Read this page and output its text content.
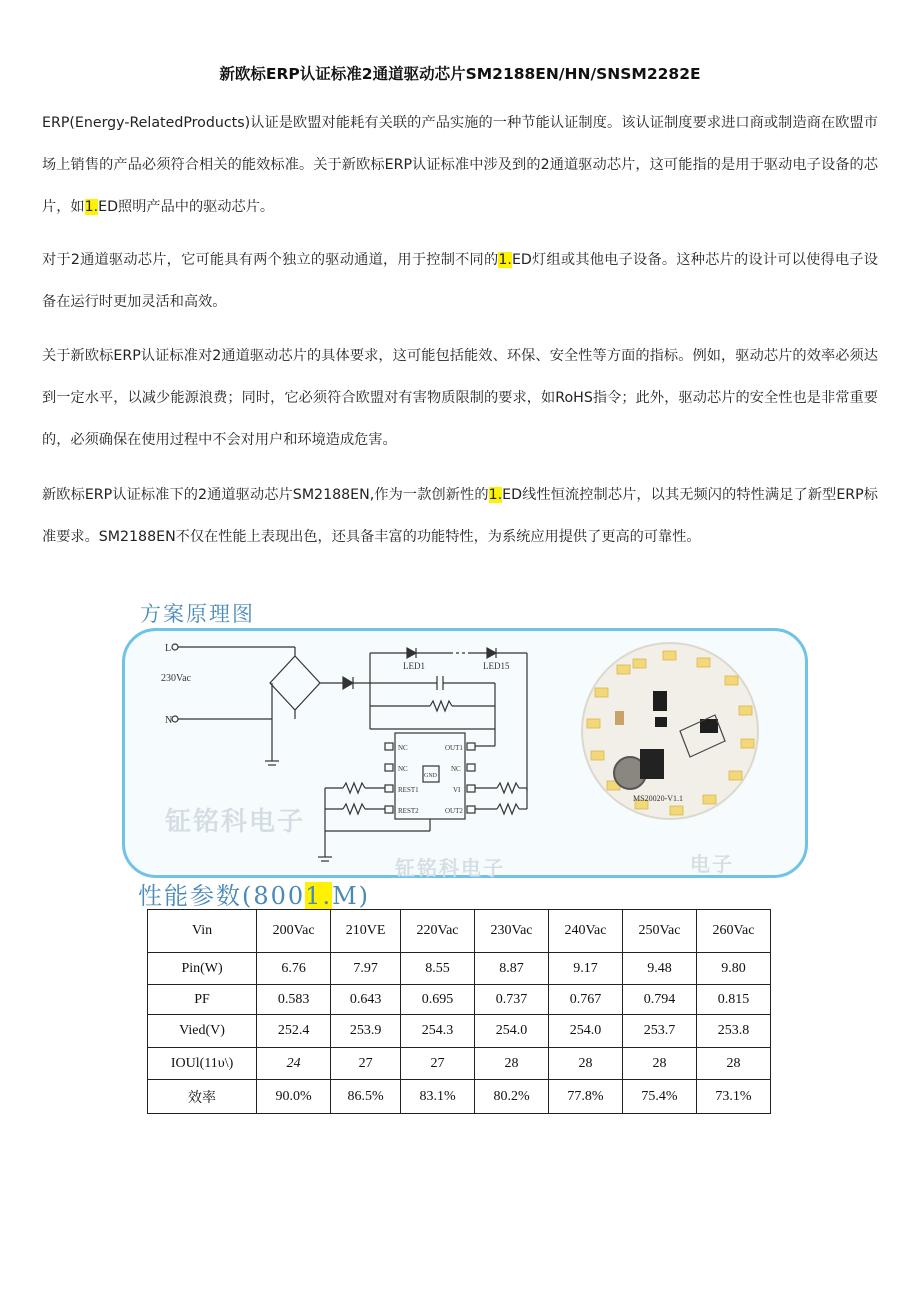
新欧标ERP认证标准2通道驱动芯片SM2188EN/HN/SNSM2282E
ERP(Energy-RelatedProducts)认证是欧盟对能耗有关联的产品实施的一种节能认证制度。该认证制度要求进口商或制造商在欧盟市场上销售的产品必须符合相关的能效标准。关于新欧标ERP认证标准中涉及到的2通道驱动芯片，这可能指的是用于驱动电子设备的芯片，如1.ED照明产品中的驱动芯片。
对于2通道驱动芯片，它可能具有两个独立的驱动通道，用于控制不同的1.ED灯组或其他电子设备。这种芯片的设计可以使得电子设备在运行时更加灵活和高效。
关于新欧标ERP认证标准对2通道驱动芯片的具体要求，这可能包括能效、环保、安全性等方面的指标。例如，驱动芯片的效率必须达到一定水平，以减少能源浪费；同时，它必须符合欧盟对有害物质限制的要求，如RoHS指令；此外，驱动芯片的安全性也是非常重要的，必须确保在使用过程中不会对用户和环境造成危害。
新欧标ERP认证标准下的2通道驱动芯片SM2188EN,作为一款创新性的1.ED线性恒流控制芯片，以其无频闪的特性满足了新型ERP标准要求。SM2188EN不仅在性能上表现出色，还具备丰富的功能特性，为系统应用提供了更高的可靠性。
方案原理图
L
N
230Vac
LED1	LED15
NC
NC
REST1
REST2
OUT1
NC
VI
OUT2
GND
MS20020-V1.1
钲铭科电子
性能参数(8001.M)
钲铭科电子	电子
Vin	200Vac	210VE	220Vac	230Vac	240Vac	250Vac	260Vac
Pin(W)	6.76	7.97	8.55	8.87	9.17	9.48	9.80
PF	0.583	0.643	0.695	0.737	0.767	0.794	0.815
Vied(V)	252.4	253.9	254.3	254.0	254.0	253.7	253.8
IOUl(11υ\)	24	27	27	28	28	28	28
效率	90.0%	86.5%	83.1%	80.2%	77.8%	75.4%	73.1%
